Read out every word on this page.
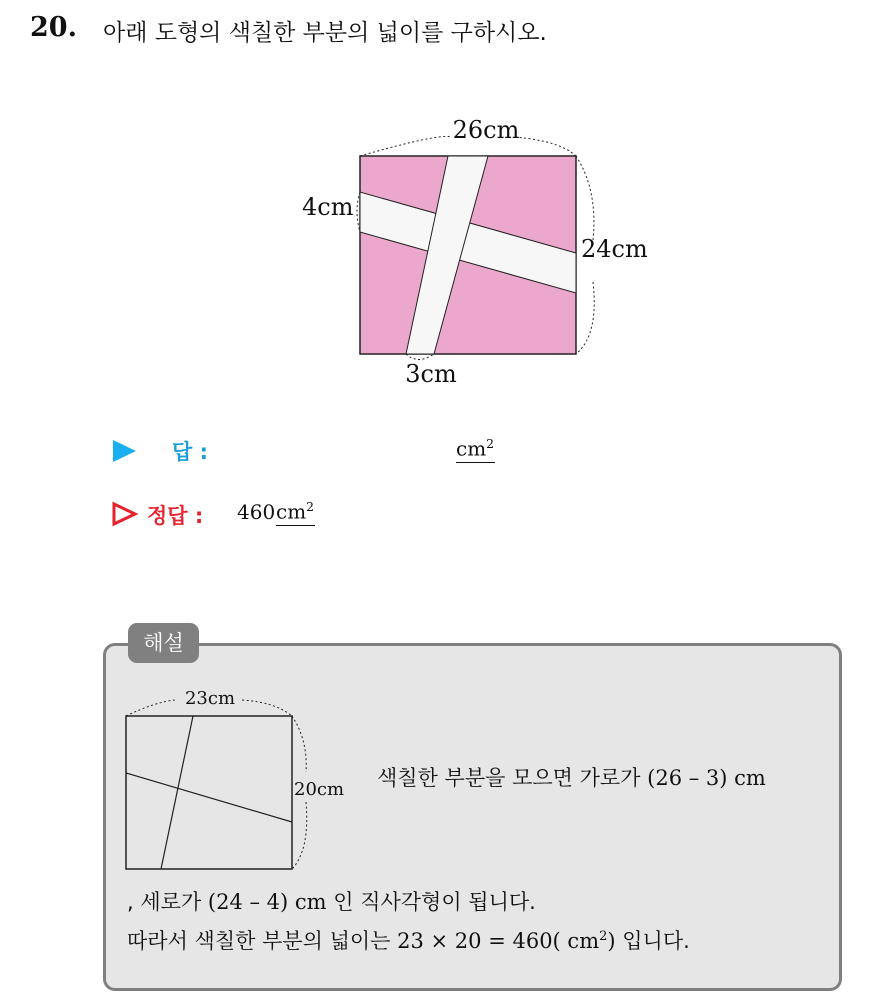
20. 아래 도형의 색칠한 부분의 넓이를 구하시오.
26cm
4cm
24cm
3cm
답 :	$cm^2$
정답 : 460 $cm^2$
해설
23cm
20cm 색칠한 부분을 모으면 가로가 (26 – 3) cm
, 세로가 (24 – 4) cm 인 직사각형이 됩니다.
따라서 색칠한 부분의 넓이는 23 × 20 = 460( $cm^2$) 입니다.
